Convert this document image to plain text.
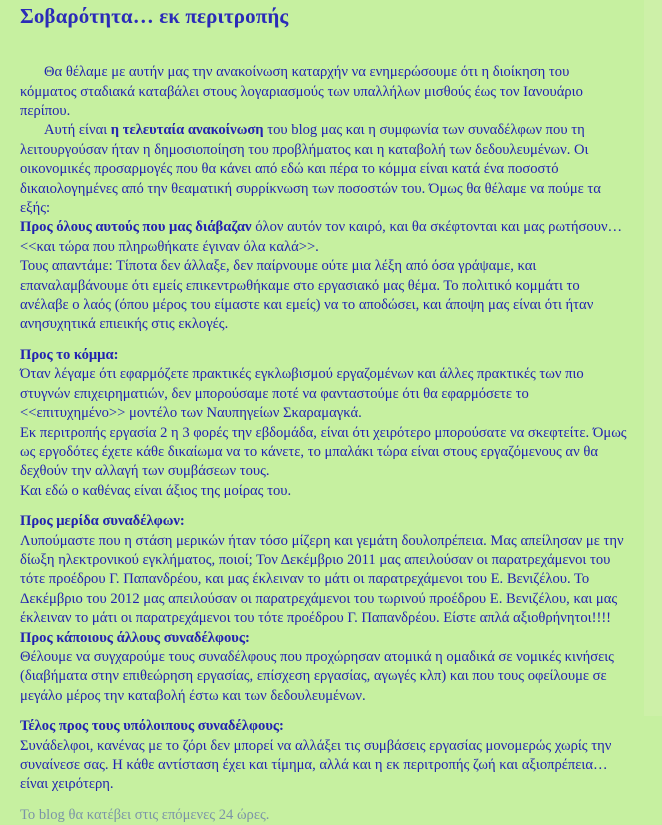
Σοβαρότητα… εκ περιτροπής

Θα θέλαμε με αυτήν μας την ανακοίνωση καταρχήν να ενημερώσουμε ότι η διοίκηση του κόμματος σταδιακά καταβάλει στους λογαριασμούς των υπαλλήλων μισθούς έως τον Ιανουάριο περίπου.

Αυτή είναι η τελευταία ανακοίνωση του blog μας και η συμφωνία των συναδέλφων που τη λειτουργούσαν ήταν η δημοσιοποίηση του προβλήματος και η καταβολή των δεδουλευμένων. Οι οικονομικές προσαρμογές που θα κάνει από εδώ και πέρα το κόμμα είναι κατά ένα ποσοστό δικαιολογημένες από την θεαματική συρρίκνωση των ποσοστών του. Όμως θα θέλαμε να πούμε τα εξής:

Προς όλους αυτούς που μας διάβαζαν όλον αυτόν τον καιρό, και θα σκέφτονται και μας ρωτήσουν…<<και τώρα που πληρωθήκατε έγιναν όλα καλά>>.

Τους απαντάμε: Τίποτα δεν άλλαξε, δεν παίρνουμε ούτε μια λέξη από όσα γράψαμε, και επαναλαμβάνουμε ότι εμείς επικεντρωθήκαμε στο εργασιακό μας θέμα. Το πολιτικό κομμάτι το ανέλαβε ο λαός (όπου μέρος του είμαστε και εμείς) να το αποδώσει, και άποψη μας είναι ότι ήταν ανησυχητικά επιεικής στις εκλογές.

Προς το κόμμα:

Όταν λέγαμε ότι εφαρμόζετε πρακτικές εγκλωβισμού εργαζομένων και άλλες πρακτικές των πιο στυγνών επιχειρηματιών, δεν μπορούσαμε ποτέ να φανταστούμε ότι θα εφαρμόσετε το <<επιτυχημένο>> μοντέλο των Ναυπηγείων Σκαραμαγκά.

Εκ περιτροπής εργασία 2 η 3 φορές την εβδομάδα, είναι ότι χειρότερο μπορούσατε να σκεφτείτε. Όμως ως εργοδότες έχετε κάθε δικαίωμα να το κάνετε, το μπαλάκι τώρα είναι στους εργαζόμενους αν θα δεχθούν την αλλαγή των συμβάσεων τους.

Και εδώ ο καθένας είναι άξιος της μοίρας του.

Προς μερίδα συναδέλφων:

Λυπούμαστε που η στάση μερικών ήταν τόσο μίζερη και γεμάτη δουλοπρέπεια. Μας απείλησαν με την δίωξη ηλεκτρονικού εγκλήματος, ποιοί; Τον Δεκέμβριο 2011 μας απειλούσαν οι παρατρεχάμενοι του τότε προέδρου Γ. Παπανδρέου, και μας έκλειναν το μάτι οι παρατρεχάμενοι του Ε. Βενιζέλου. Το Δεκέμβριο του 2012 μας απειλούσαν οι παρατρεχάμενοι του τωρινού προέδρου Ε. Βενιζέλου, και μας έκλειναν το μάτι οι παρατρεχάμενοι του τότε προέδρου Γ. Παπανδρέου. Είστε απλά αξιοθρήνητοι!!!!

Προς κάποιους άλλους συναδέλφους:

Θέλουμε να συγχαρούμε τους συναδέλφους που προχώρησαν ατομικά η ομαδικά σε νομικές κινήσεις (διαβήματα στην επιθεώρηση εργασίας, επίσχεση εργασίας, αγωγές κλπ) και που τους οφείλουμε σε μεγάλο μέρος την καταβολή έστω και των δεδουλευμένων.

Τέλος προς τους υπόλοιπους συναδέλφους:

Συνάδελφοι, κανένας με το ζόρι δεν μπορεί να αλλάξει τις συμβάσεις εργασίας μονομερώς χωρίς την συναίνεσε σας. Η κάθε αντίσταση έχει και τίμημα, αλλά και η εκ περιτροπής ζωή και αξιοπρέπεια… είναι χειρότερη.

Το blog θα κατέβει στις επόμενες 24 ώρες.
